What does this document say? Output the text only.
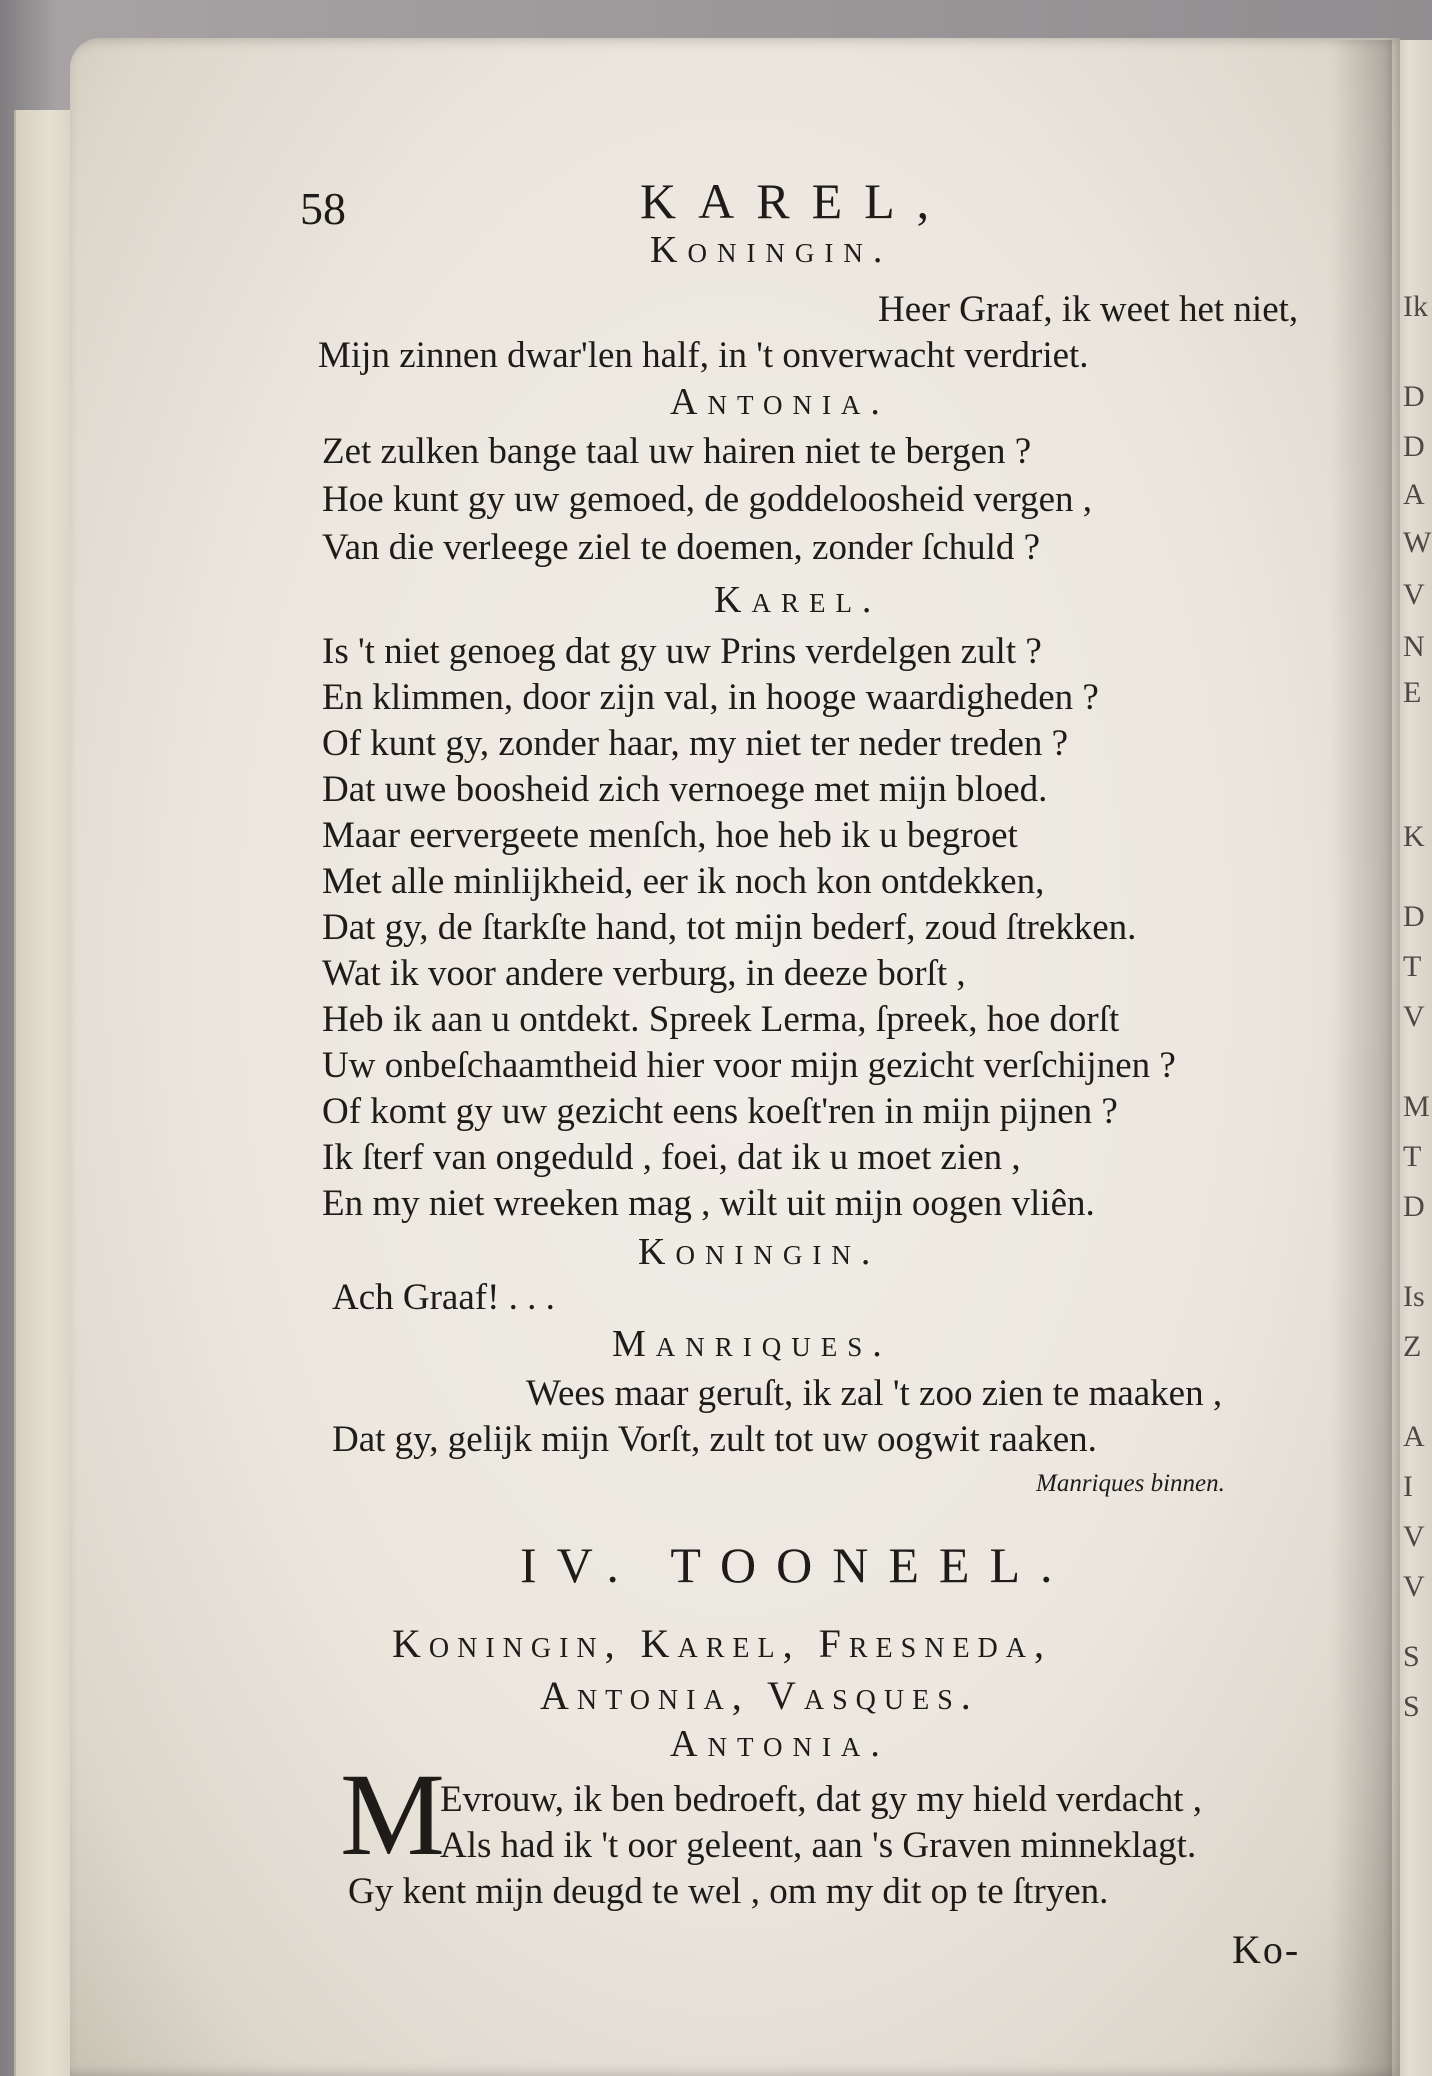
Ik
D
D
A
W
V
N
E
K
D
T
V
M
T
D
Is
Z
A
I
V
V
S
S
58	KAREL,
Koningin.
Heer Graaf, ik weet het niet,
Mijn zinnen dwar'len half, in 't onverwacht verdriet.
Antonia.
Zet zulken bange taal uw hairen niet te bergen ?
Hoe kunt gy uw gemoed, de goddeloosheid vergen ,
Van die verleege ziel te doemen, zonder ſchuld ?
Karel.
Is 't niet genoeg dat gy uw Prins verdelgen zult ?
En klimmen, door zijn val, in hooge waardigheden ?
Of kunt gy, zonder haar, my niet ter neder treden ?
Dat uwe boosheid zich vernoege met mijn bloed.
Maar eervergeete menſch, hoe heb ik u begroet
Met alle minlijkheid, eer ik noch kon ontdekken,
Dat gy, de ſtarkſte hand, tot mijn bederf, zoud ſtrekken.
Wat ik voor andere verburg, in deeze borſt ,
Heb ik aan u ontdekt. Spreek Lerma, ſpreek, hoe dorſt
Uw onbeſchaamtheid hier voor mijn gezicht verſchijnen ?
Of komt gy uw gezicht eens koeſt'ren in mijn pijnen ?
Ik ſterf van ongeduld , foei, dat ik u moet zien ,
En my niet wreeken mag , wilt uit mijn oogen vliên.
Koningin.
Ach Graaf! . . .
Manriques.
Wees maar geruſt, ik zal 't zoo zien te maaken ,
Dat gy, gelijk mijn Vorſt, zult tot uw oogwit raaken.
Manriques binnen.
IV. TOONEEL.
Koningin, Karel, Fresneda,
Antonia, Vasques.
Antonia.
M
Evrouw, ik ben bedroeft, dat gy my hield verdacht ,
Als had ik 't oor geleent, aan 's Graven minneklagt.
Gy kent mijn deugd te wel , om my dit op te ſtryen.
Ko-
